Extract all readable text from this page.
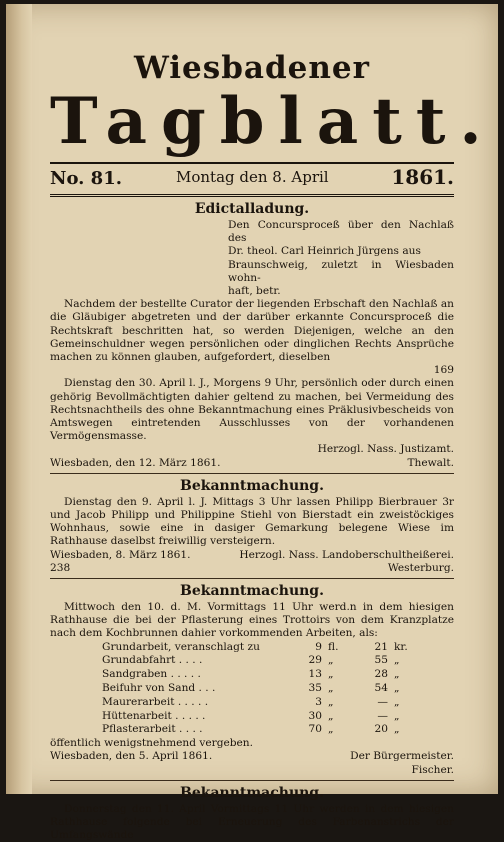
Wiesbadener
Tagblatt.
No. 81.	Montag den 8. April	1861.
Edictalladung.

Den Concursproceß über den Nachlaß des

Dr. theol. Carl Heinrich Jürgens aus

Braunschweig, zuletzt in Wiesbaden wohn-

haft, betr.

Nachdem der bestellte Curator der liegenden Erbschaft den Nachlaß an die Gläubiger abgetreten und der darüber erkannte Concursproceß die Rechtskraft beschritten hat, so werden Diejenigen, welche an den Gemeinschuldner wegen persönlichen oder dinglichen Rechts Ansprüche machen zu können glauben, aufgefordert, dieselben

169

Dienstag den 30. April l. J., Morgens 9 Uhr, persönlich oder durch einen gehörig Bevollmächtigten dahier geltend zu machen, bei Vermeidung des Rechtsnachtheils des ohne Bekanntmachung eines Präklusivbescheids von Amtswegen eintretenden Ausschlusses von der vorhandenen Vermögensmasse.

Herzogl. Nass. Justizamt.

Wiesbaden, den 12. März 1861.	Thewalt.
Bekanntmachung.

Dienstag den 9. April l. J. Mittags 3 Uhr lassen Philipp Bierbrauer 3r und Jacob Philipp und Philippine Stiehl von Bierstadt ein zweistöckiges Wohnhaus, sowie eine in dasiger Gemarkung belegene Wiese im Rathhause daselbst freiwillig versteigern.

Wiesbaden, 8. März 1861.	Herzogl. Nass. Landoberschultheißerei.
238	Westerburg.
Bekanntmachung.

Mittwoch den 10. d. M. Vormittags 11 Uhr werd.n in dem hiesigen Rathhause die bei der Pflasterung eines Trottoirs von dem Kranzplatze nach dem Kochbrunnen dahier vorkommenden Arbeiten, als:

Grundarbeit, veranschlagt zu	9 fl.	21 kr.
Grundabfahrt . . . .	29 „	55 „
Sandgraben . . . . .	13 „	28 „
Beifuhr von Sand . . .	35 „	54 „
Maurerarbeit . . . . .	3 „	— „
Hüttenarbeit . . . . .	30 „	— „
Pflasterarbeit . . . .	70 „	20 „

öffentlich wenigstnehmend vergeben.

Wiesbaden, den 5. April 1861.	Der Bürgermeister.

Fischer.

Bekanntmachung.

Donnerstag den 11. April Vormittags 11 Uhr werden in dem hiesigen Rathhause folgende bei Erneuerung des Farbenanstrichs der Umfangswände
